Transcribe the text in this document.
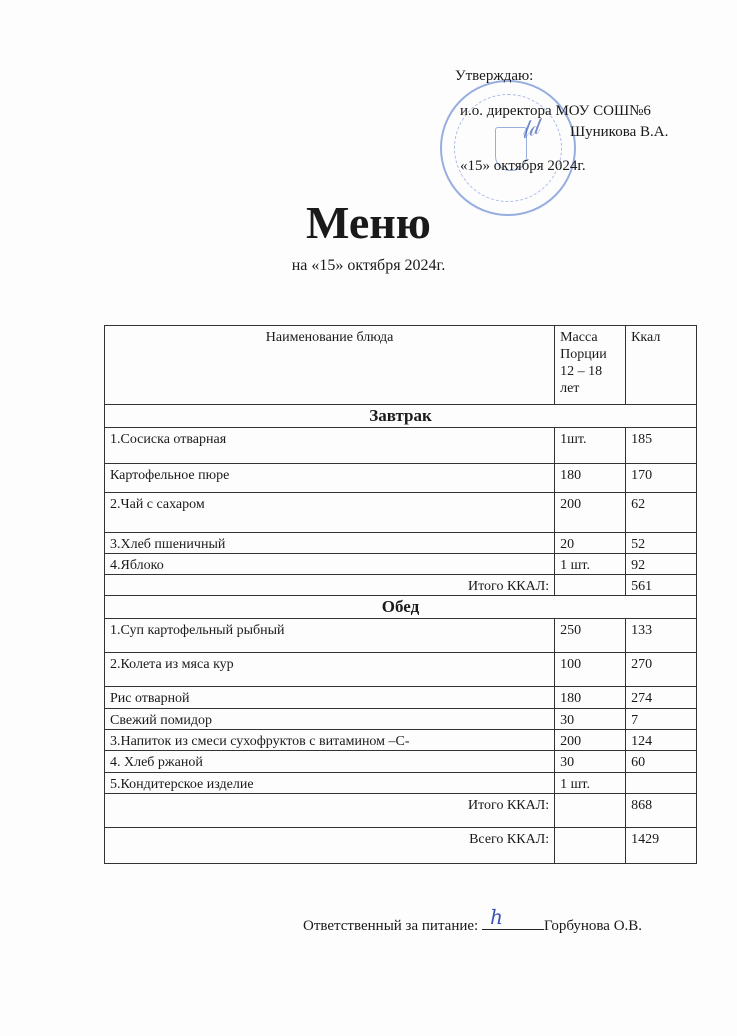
𝓁𝒹
Утверждаю:
и.о. директора МОУ СОШ№6
Шуникова В.А.
«15» октября 2024г.
Меню
на «15» октября 2024г.
Наименование блюда	Масса Порции 12 – 18 лет	Ккал
Завтрак		
1.Сосиска отварная	1шт.	185
Картофельное пюре	180	170
2.Чай с сахаром	200	62
3.Хлеб пшеничный	20	52
4.Яблоко	1 шт.	92
Итого ККАЛ:		561
Обед		
1.Суп картофельный рыбный	250	133
2.Колета из мяса кур	100	270
Рис отварной	180	274
Свежий помидор	30	7
3.Напиток из смеси сухофруктов с витамином –С-	200	124
4. Хлеб ржаной	30	60
5.Кондитерское изделие	1 шт.	
Итого ККАЛ:		868
Всего ККАЛ:		1429
Ответственный за питание: ℎ	Горбунова О.В.
